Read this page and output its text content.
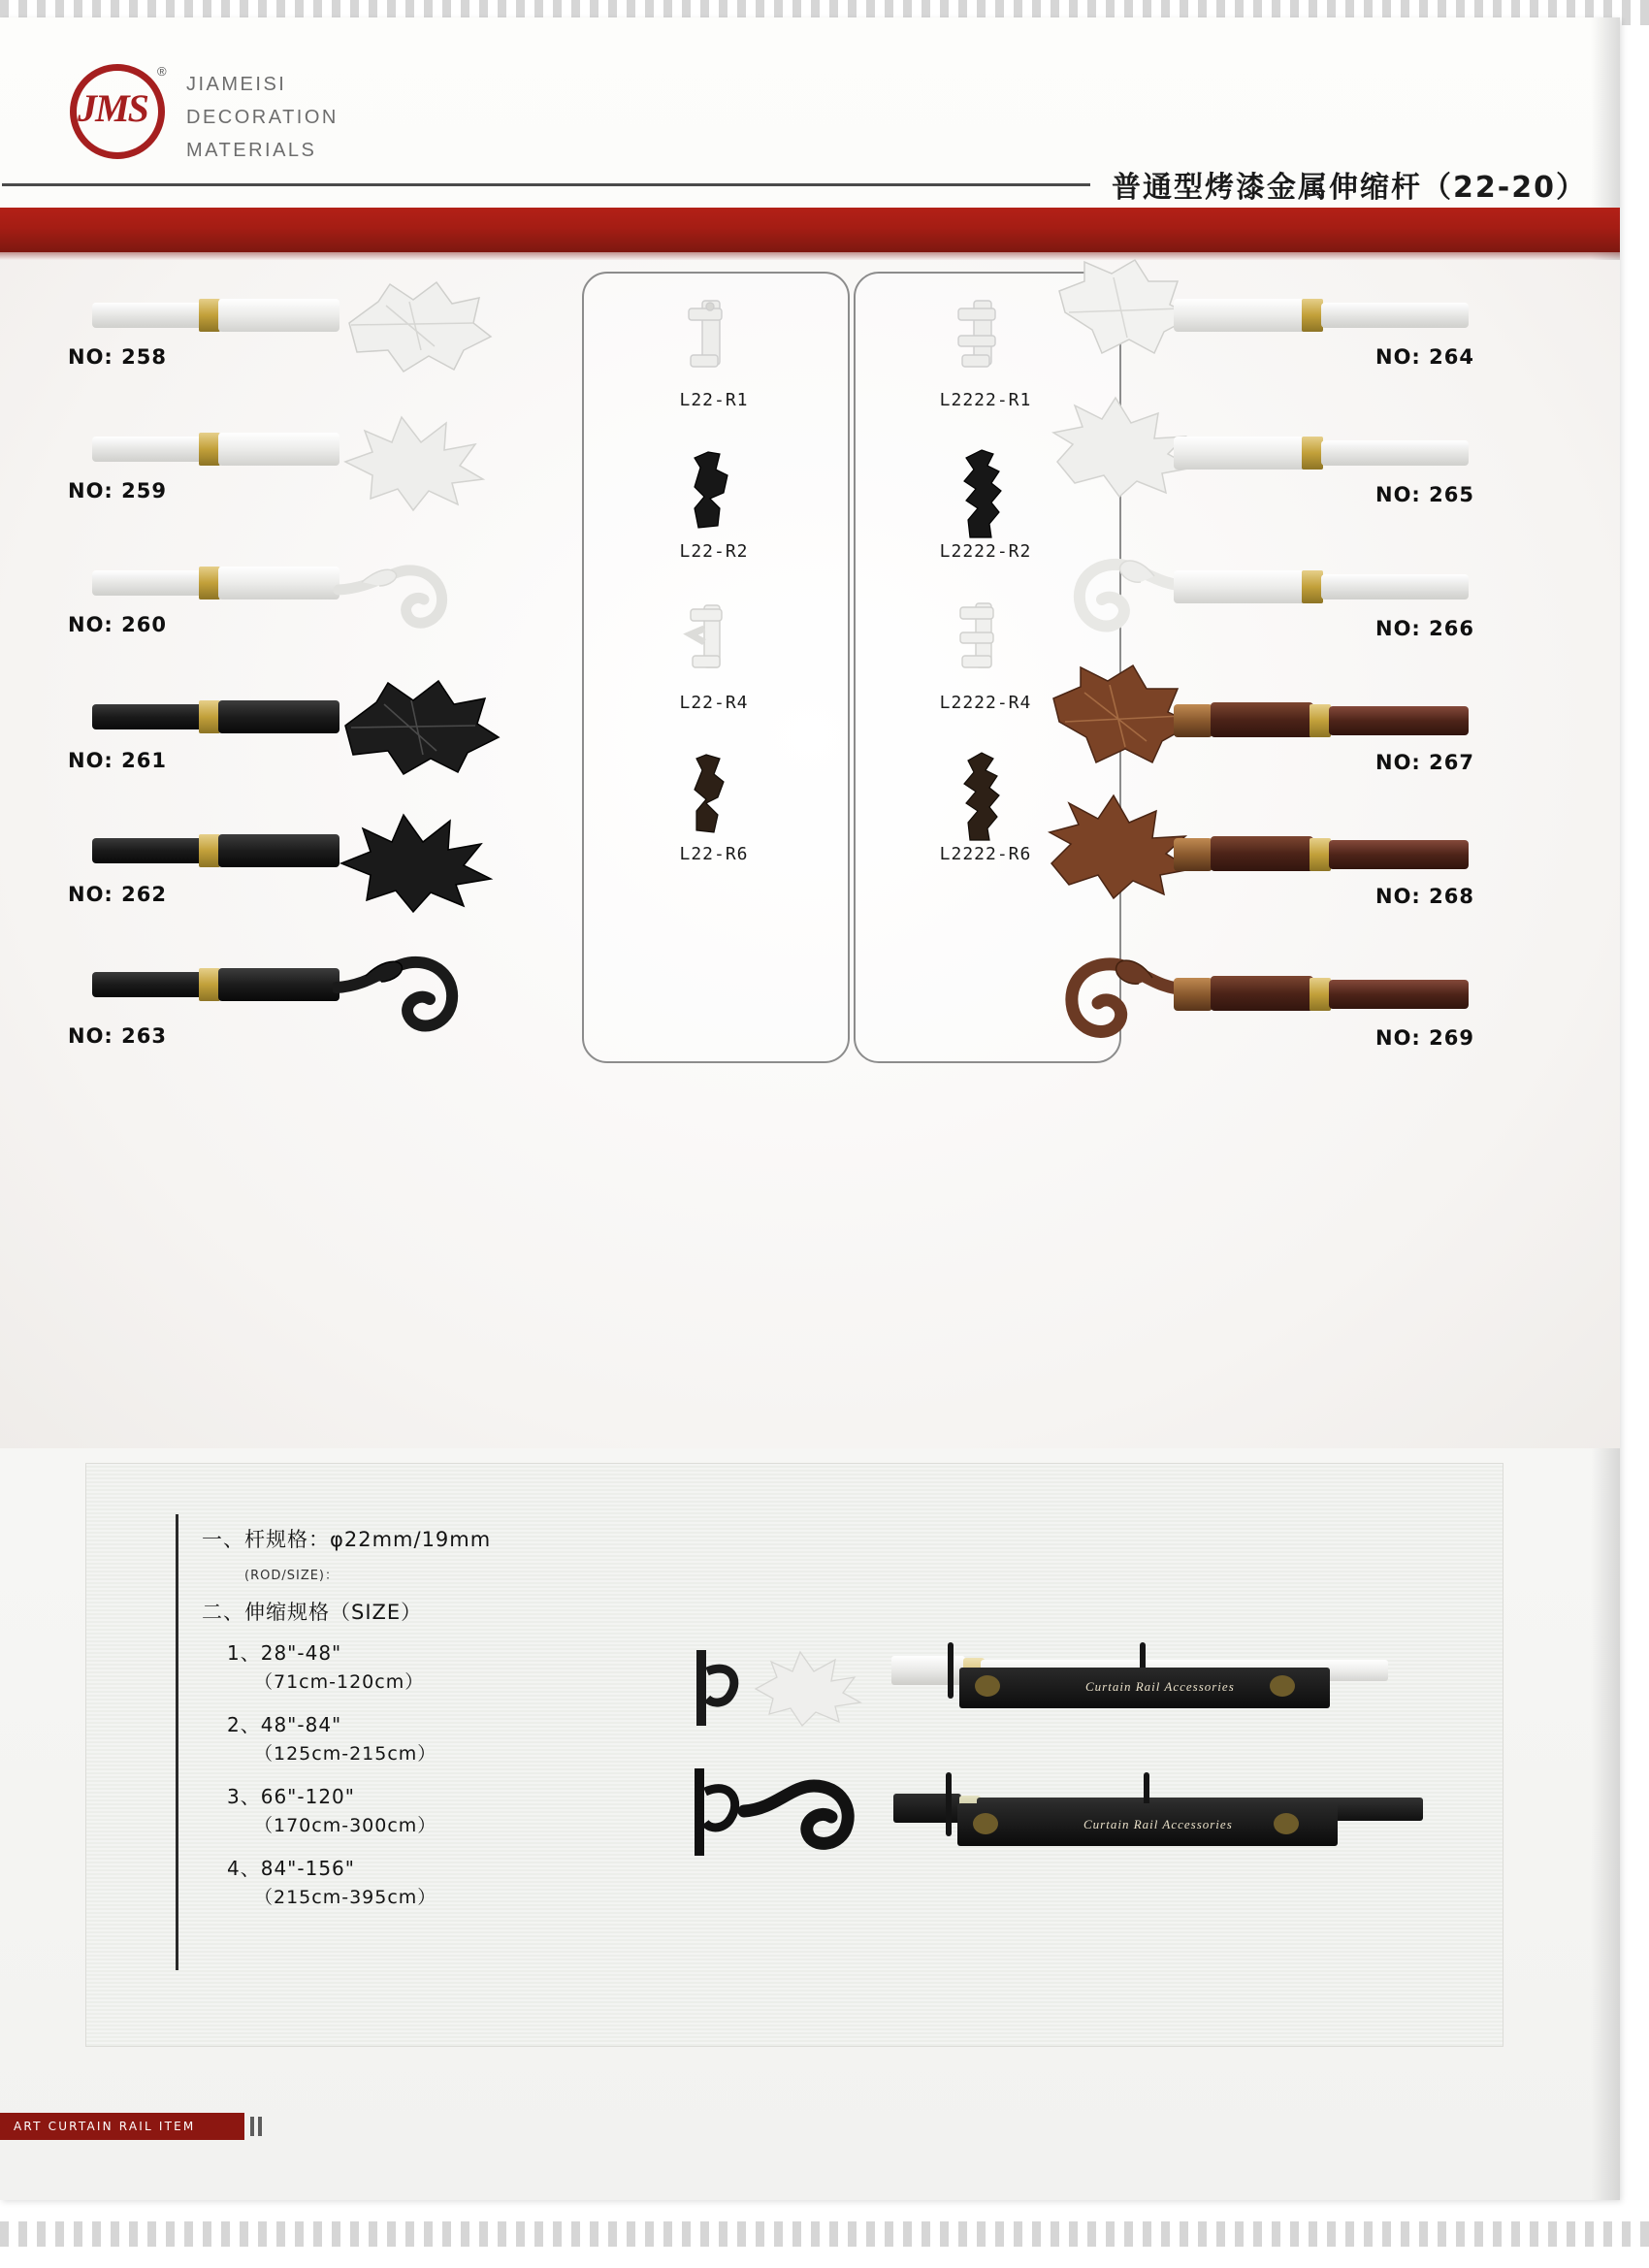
JMS
®
JIAMEISI
DECORATION
MATERIALS
普通型烤漆金属伸缩杆（22-20）
NO: 258
NO: 259
NO: 260
NO: 261
NO: 262
NO: 263
L22-R1
L22-R2
L22-R4
L22-R6
L2222-R1
L2222-R2
L2222-R4
L2222-R6
NO: 264
NO: 265
NO: 266
NO: 267
NO: 268
NO: 269
一、杆规格：φ22mm/19mm
(ROD/SIZE)：
二、伸缩规格（SIZE）
1、28"-48"
（71cm-120cm）
2、48"-84"
（125cm-215cm）
3、66"-120"
（170cm-300cm）
4、84"-156"
（215cm-395cm）
Curtain Rail Accessories
Curtain Rail Accessories
ART CURTAIN RAIL ITEM
